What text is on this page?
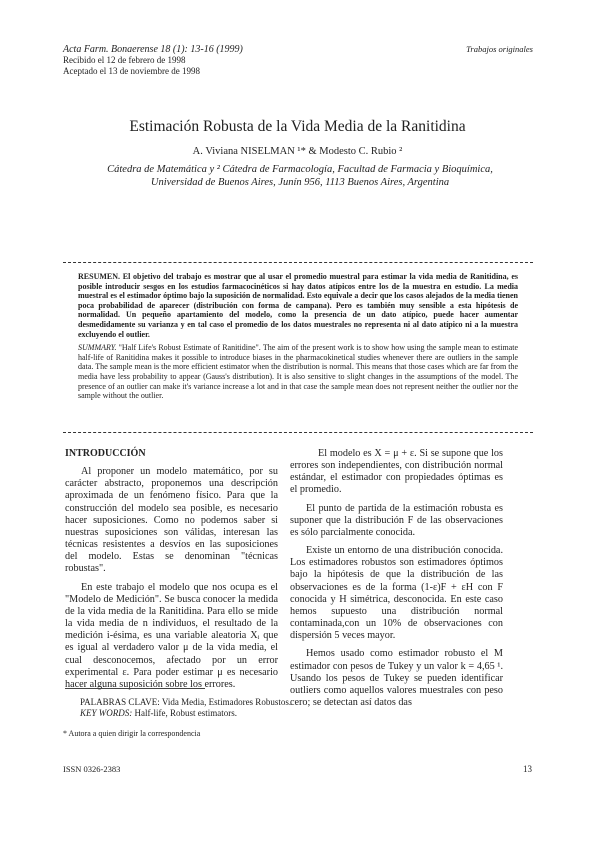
Acta Farm. Bonaerense 18 (1): 13-16 (1999)
Recibido el 12 de febrero de 1998
Aceptado el 13 de noviembre de 1998
Trabajos originales
Estimación Robusta de la Vida Media de la Ranitidina
A. Viviana NISELMAN ¹* & Modesto C. Rubio ²
Cátedra de Matemática y ² Cátedra de Farmacología, Facultad de Farmacia y Bioquímica,
Universidad de Buenos Aires, Junín 956, 1113 Buenos Aires, Argentina
RESUMEN. El objetivo del trabajo es mostrar que al usar el promedio muestral para estimar la vida media de Ranitidina, es posible introducir sesgos en los estudios farmacocinéticos si hay datos atípicos entre los de la muestra en estudio. La media muestral es el estimador óptimo bajo la suposición de normalidad. Esto equivale a decir que los casos alejados de la media tienen poca probabilidad de aparecer (distribución con forma de campana). Pero es también muy sensible a esta hipótesis de normalidad. Un pequeño apartamiento del modelo, como la presencia de un dato atípico, puede hacer aumentar desmedidamente su varianza y en tal caso el promedio de los datos muestrales no representa ni al dato atípico ni a la muestra excluyendo el outlier.
SUMMARY. "Half Life's Robust Estimate of Ranitidine". The aim of the present work is to show how using the sample mean to estimate half-life of Ranitidina makes it possible to introduce biases in the pharmacokinetical studies whenever there are outliers in the sample data. The sample mean is the more efficient estimator when the distribution is normal. This means that those cases which are far from the media have less probability to appear (Gauss's distribution). It is also sensitive to slight changes in the assumptions of the model. The presence of an outlier can make it's variance increase a lot and in that case the sample mean does not represent neither the outlier nor the sample without the outlier.

INTRODUCCIÓN

Al proponer un modelo matemático, por su carácter abstracto, proponemos una descripción aproximada de un fenómeno físico. Para que la construcción del modelo sea posible, es necesario hacer suposiciones. Como no podemos saber si nuestras suposiciones son válidas, interesan las técnicas resistentes a desvíos en las suposiciones del modelo. Estas se denominan "técnicas robustas".

En este trabajo el modelo que nos ocupa es el "Modelo de Medición". Se busca conocer la medida de la vida media de la Ranitidina. Para ello se mide la vida media de n individuos, el resultado de la medición i-ésima, es una variable aleatoria Xᵢ que es igual al verdadero valor μ de la vida media, el cual desconocemos, afectado por un error experimental ε. Para poder estimar μ es necesario hacer alguna suposición sobre los errores.

El modelo es X = μ + ε. Si se supone que los errores son independientes, con distribución normal estándar, el estimador con propiedades óptimas es el promedio.

El punto de partida de la estimación robusta es suponer que la distribución F de las observaciones es sólo parcialmente conocida.

Existe un entorno de una distribución conocida. Los estimadores robustos son estimadores óptimos bajo la hipótesis de que la distribución de las observaciones es de la forma (1-ε)F + εH con F conocida y H simétrica, desconocida. En este caso hemos supuesto una distribución normal contaminada,con un 10% de observaciones con dispersión 5 veces mayor.

Hemos usado como estimador robusto el M estimador con pesos de Tukey y un valor k = 4,65 ¹. Usando los pesos de Tukey se pueden identificar outliers como aquellos valores muestrales con peso cero; se detectan así datos das

PALABRAS CLAVE: Vida Media, Estimadores Robustos.
KEY WORDS: Half-life, Robust estimators.
* Autora a quien dirigir la correspondencia
ISSN 0326-2383	13
